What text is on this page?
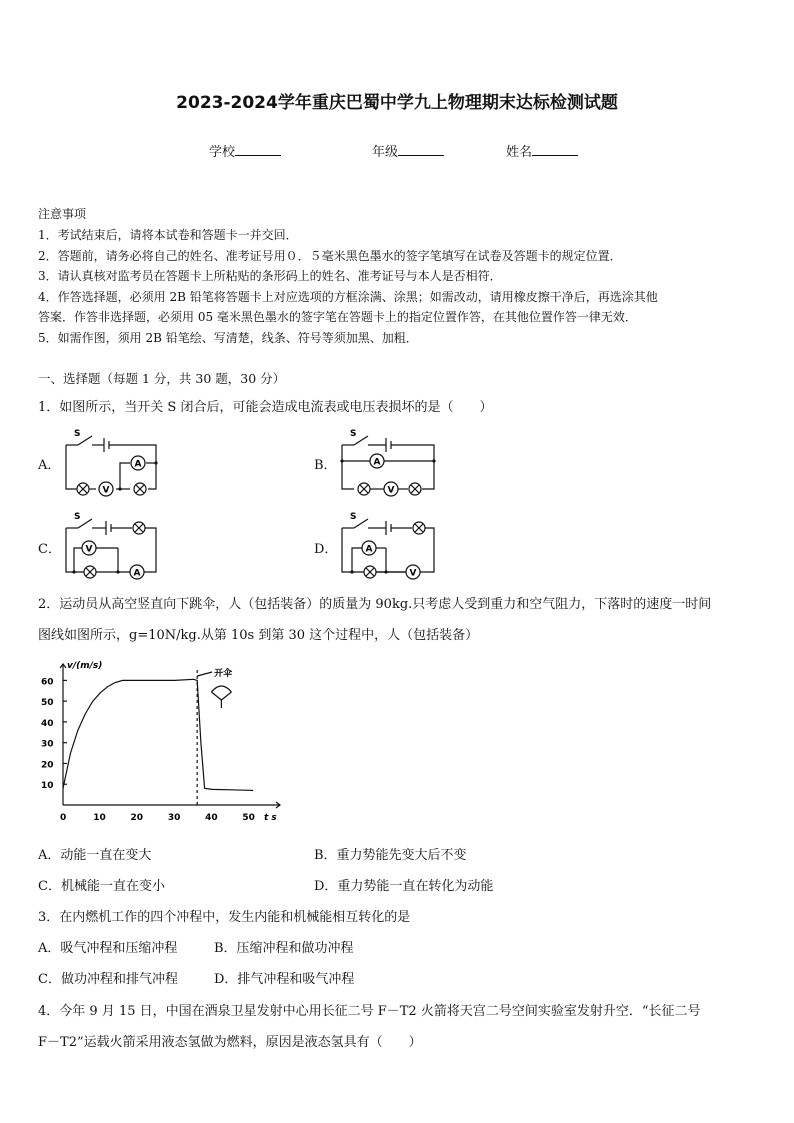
2023-2024学年重庆巴蜀中学九上物理期末达标检测试题
学校	年级	姓名
注意事项
1．考试结束后，请将本试卷和答题卡一并交回．
2．答题前，请务必将自己的姓名、准考证号用０．５毫米黑色墨水的签字笔填写在试卷及答题卡的规定位置．
3．请认真核对监考员在答题卡上所粘贴的条形码上的姓名、准考证号与本人是否相符．
4．作答选择题，必须用 2B 铅笔将答题卡上对应选项的方框涂满、涂黑；如需改动，请用橡皮擦干净后，再选涂其他
答案．作答非选择题，必须用 05 毫米黑色墨水的签字笔在答题卡上的指定位置作答，在其他位置作答一律无效．
5．如需作图，须用 2B 铅笔绘、写清楚，线条、符号等须加黑、加粗．
一、选择题（每题 1 分，共 30 题，30 分）
1．如图所示，当开关 S 闭合后，可能会造成电流表或电压表损坏的是（　　）
A．	B．
C．	D．
S
V
A
S
A
V
S
V
A
S
A
V
2．运动员从高空竖直向下跳伞，人（包括装备）的质量为 90kg.只考虑人受到重力和空气阻力，下落时的速度一时间
图线如图所示，g=10N/kg.从第 10s 到第 30 这个过程中，人（包括装备）
10
20
30
40
50
60
0	10	20	30	40	50
v/(m/s)
t s
开伞
A．动能一直在变大	B．重力势能先变大后不变
C．机械能一直在变小	D．重力势能一直在转化为动能
3．在内燃机工作的四个冲程中，发生内能和机械能相互转化的是
A．吸气冲程和压缩冲程	B．压缩冲程和做功冲程
C．做功冲程和排气冲程	D．排气冲程和吸气冲程
4．今年 9 月 15 日，中国在酒泉卫星发射中心用长征二号 F－T2 火箭将天宫二号空间实验室发射升空．“长征二号
F－T2”运载火箭采用液态氢做为燃料，原因是液态氢具有（　　）
